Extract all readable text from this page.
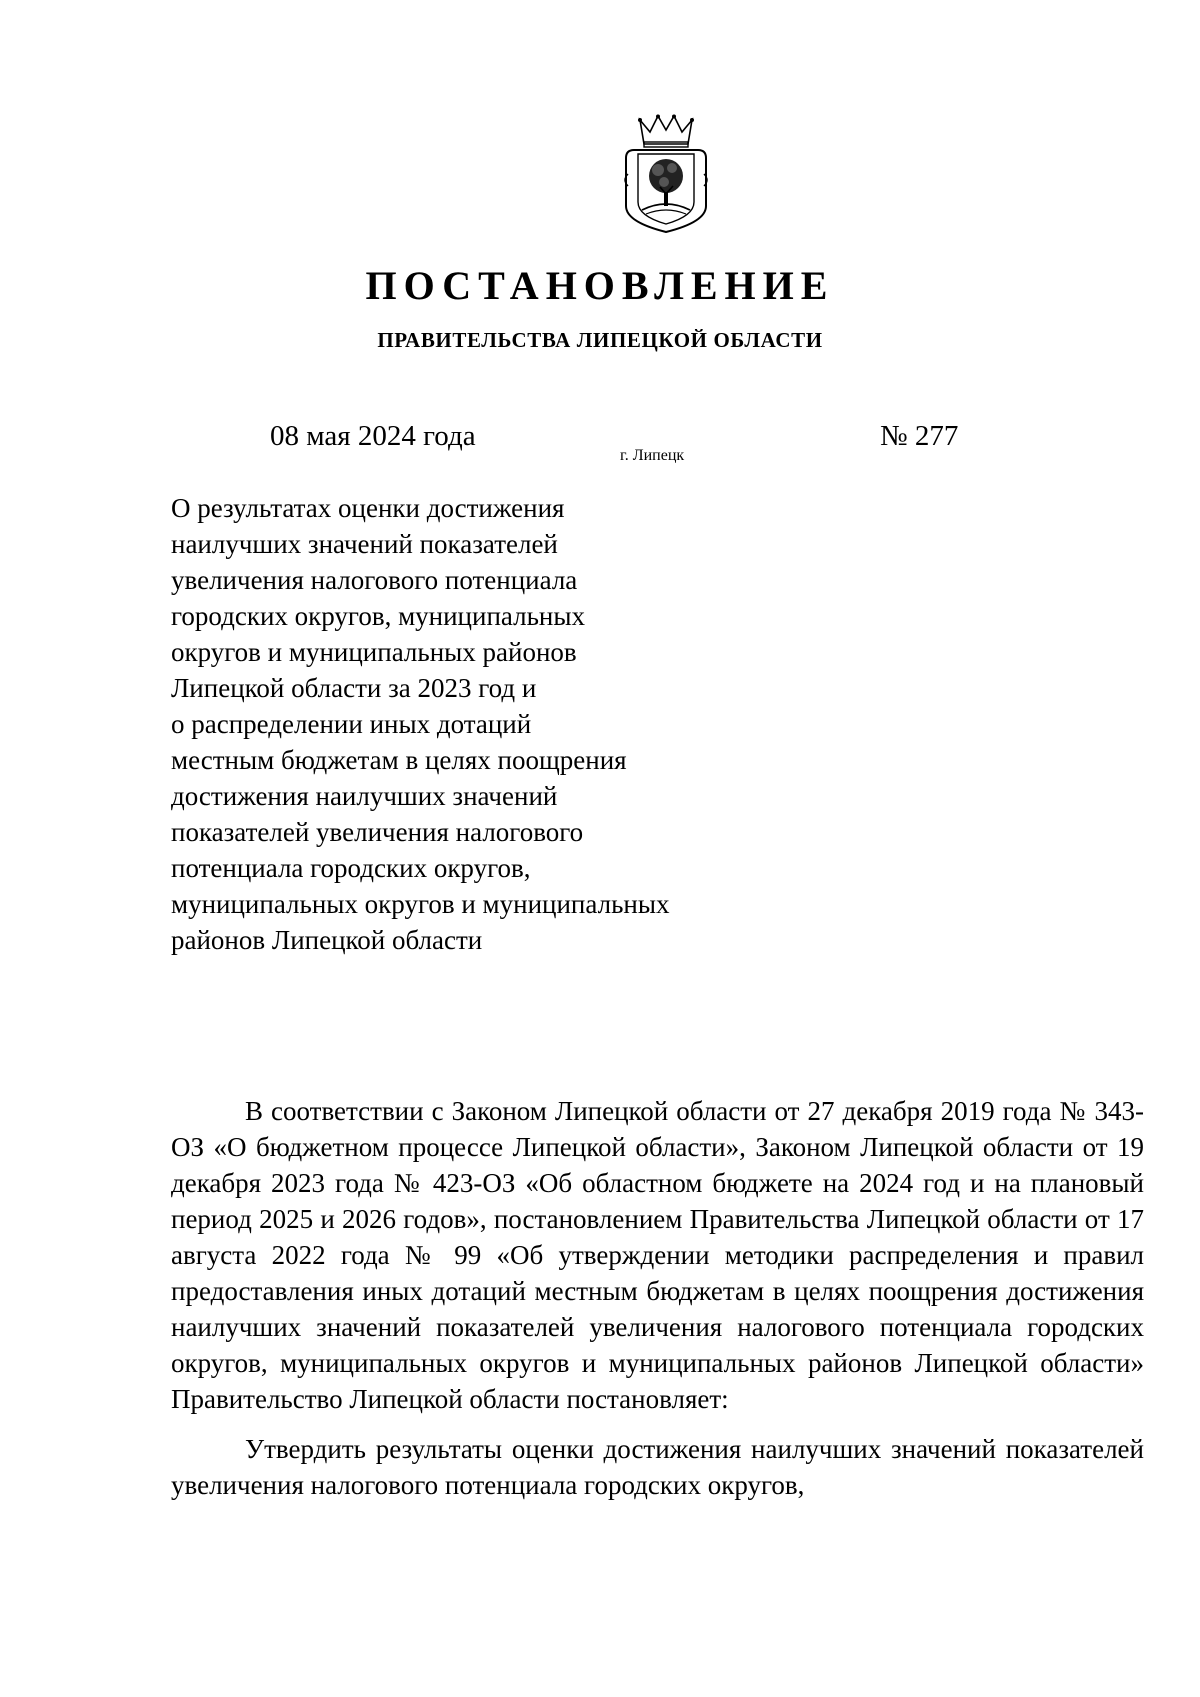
ПОСТАНОВЛЕНИЕ
ПРАВИТЕЛЬСТВА ЛИПЕЦКОЙ ОБЛАСТИ
08 мая 2024 года
г. Липецк
№ 277
О результатах оценки достижения
наилучших значений показателей
увеличения налогового потенциала
городских округов, муниципальных
округов и муниципальных районов
Липецкой области за 2023 год и
о распределении иных дотаций
местным бюджетам в целях поощрения
достижения наилучших значений
показателей увеличения налогового
потенциала городских округов,
муниципальных округов и муниципальных
районов Липецкой области

В соответствии с Законом Липецкой области от 27 декабря 2019 года № 343-ОЗ «О бюджетном процессе Липецкой области», Законом Липецкой области от 19 декабря 2023 года № 423-ОЗ «Об областном бюджете на 2024 год и на плановый период 2025 и 2026 годов», постановлением Правительства Липецкой области от 17 августа 2022 года № 99 «Об утверждении методики распределения и правил предоставления иных дотаций местным бюджетам в целях поощрения достижения наилучших значений показателей увеличения налогового потенциала городских округов, муниципальных округов и муниципальных районов Липецкой области» Правительство Липецкой области постановляет:

Утвердить результаты оценки достижения наилучших значений показателей увеличения налогового потенциала городских округов,
